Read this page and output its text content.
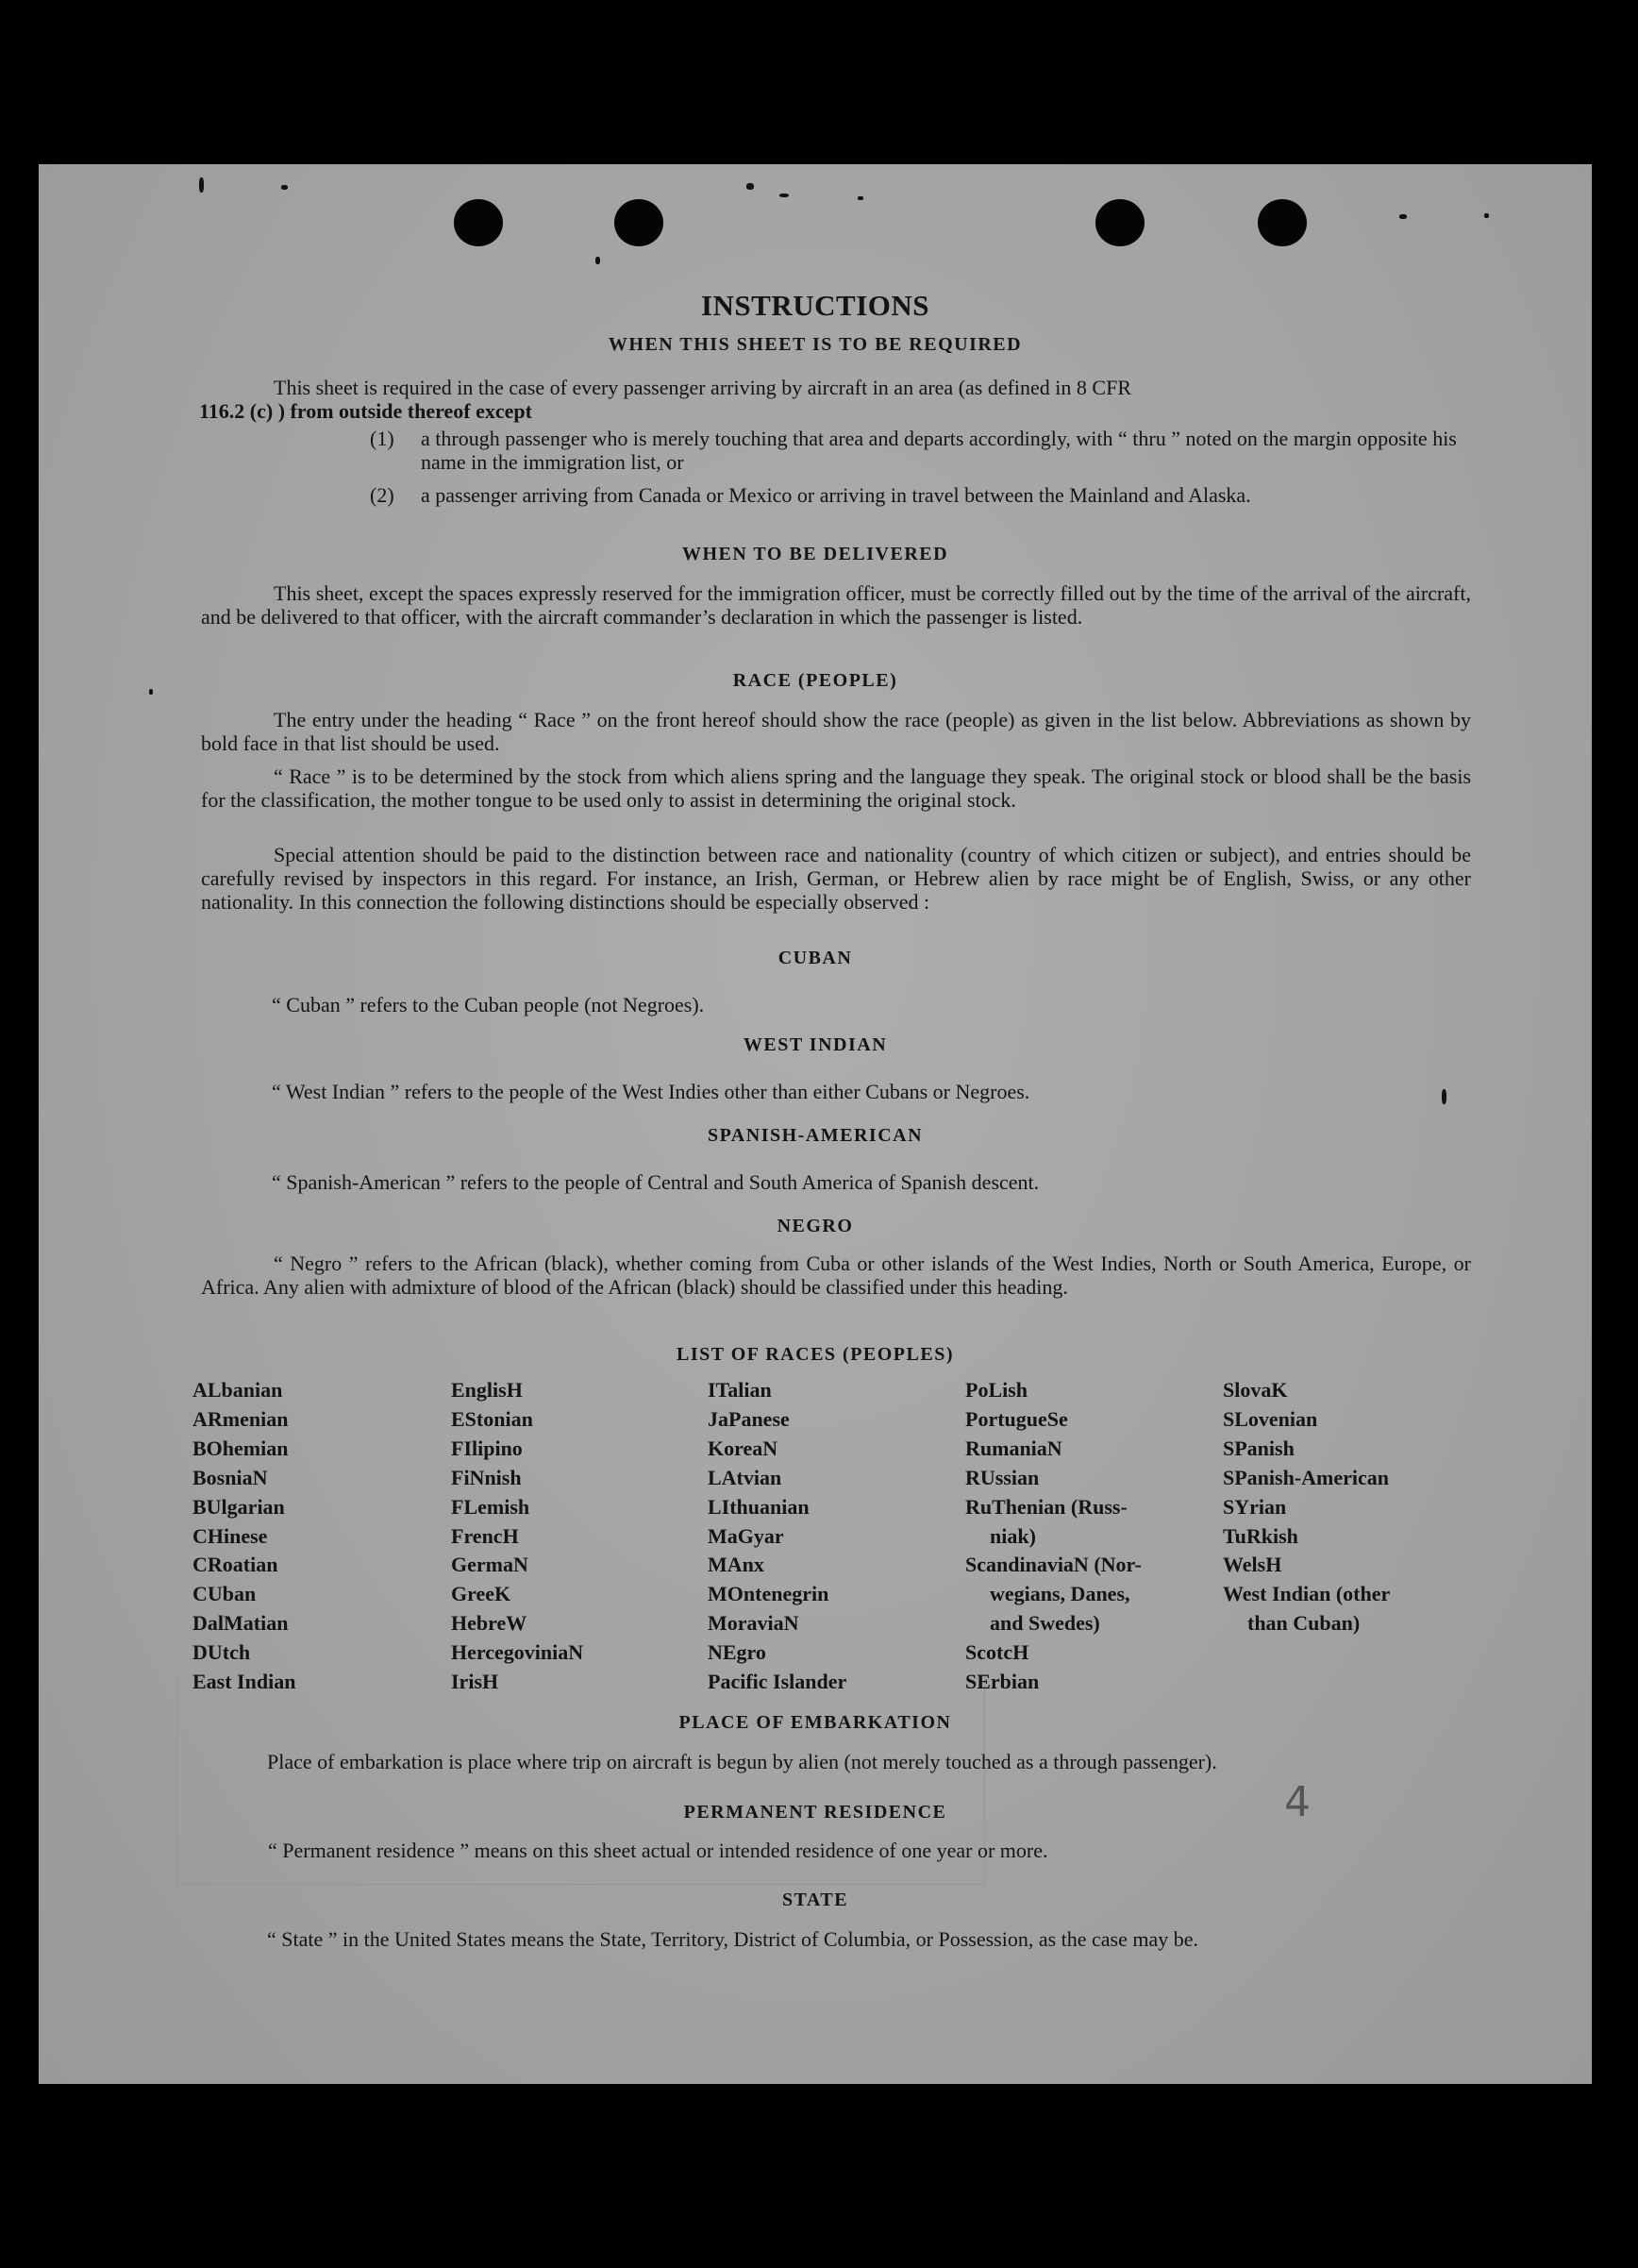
INSTRUCTIONS
WHEN THIS SHEET IS TO BE REQUIRED

This sheet is required in the case of every passenger arriving by aircraft in an area (as defined in 8 CFR

116.2 (c) ) from outside thereof except

(1) a through passenger who is merely touching that area and departs accordingly, with “ thru ” noted on the margin opposite his name in the immigration list, or
(2) a passenger arriving from Canada or Mexico or arriving in travel between the Mainland and Alaska.
WHEN TO BE DELIVERED

This sheet, except the spaces expressly reserved for the immigration officer, must be correctly filled out by the time of the arrival of the aircraft, and be delivered to that officer, with the aircraft commander’s declaration in which the passenger is listed.

RACE (PEOPLE)

The entry under the heading “ Race ” on the front hereof should show the race (people) as given in the list below. Abbreviations as shown by bold face in that list should be used.

“ Race ” is to be determined by the stock from which aliens spring and the language they speak. The original stock or blood shall be the basis for the classification, the mother tongue to be used only to assist in determining the original stock.

Special attention should be paid to the distinction between race and nationality (country of which citizen or subject), and entries should be carefully revised by inspectors in this regard. For instance, an Irish, German, or Hebrew alien by race might be of English, Swiss, or any other nationality. In this connection the following distinctions should be especially observed :

CUBAN

“ Cuban ” refers to the Cuban people (not Negroes).

WEST INDIAN

“ West Indian ” refers to the people of the West Indies other than either Cubans or Negroes.

SPANISH-AMERICAN

“ Spanish-American ” refers to the people of Central and South America of Spanish descent.

NEGRO

“ Negro ” refers to the African (black), whether coming from Cuba or other islands of the West Indies, North or South America, Europe, or Africa. Any alien with admixture of blood of the African (black) should be classified under this heading.

LIST OF RACES (PEOPLES)
ALbanian
ARmenian
BOhemian
BosniaN
BUlgarian
CHinese
CRoatian
CUban
DalMatian
DUtch
East Indian
EnglisH
EStonian
FIlipino
FiNnish
FLemish
FrencH
GermaN
GreeK
HebreW
HercegoviniaN
IrisH
ITalian
JaPanese
KoreaN
LAtvian
LIthuanian
MaGyar
MAnx
MOntenegrin
MoraviaN
NEgro
Pacific Islander
PoLish
PortugueSe
RumaniaN
RUssian
RuThenian (Russ-
niak)
ScandinaviaN (Nor-
wegians, Danes,
and Swedes)
ScotcH
SErbian
SlovaK
SLovenian
SPanish
SPanish-American
SYrian
TuRkish
WelsH
West Indian (other
than Cuban)
PLACE OF EMBARKATION

Place of embarkation is place where trip on aircraft is begun by alien (not merely touched as a through passenger).

PERMANENT RESIDENCE

“ Permanent residence ” means on this sheet actual or intended residence of one year or more.

STATE

“ State ” in the United States means the State, Territory, District of Columbia, or Possession, as the case may be.

4
